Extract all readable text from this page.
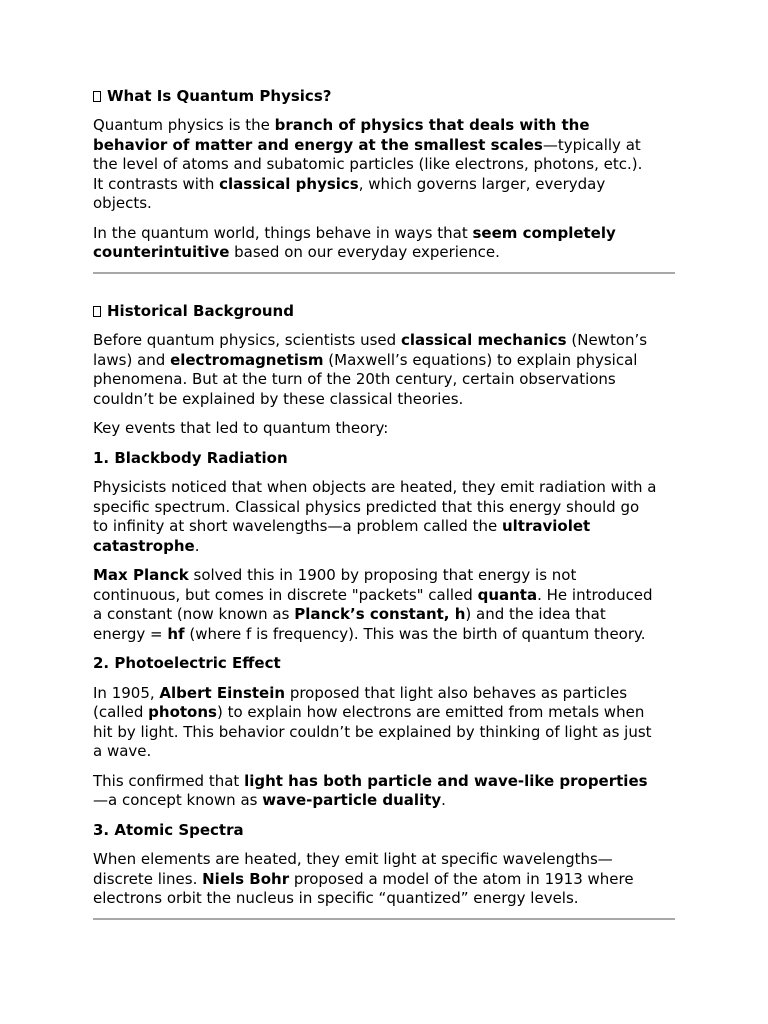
What Is Quantum Physics?
Quantum physics is the branch of physics that deals with the
behavior of matter and energy at the smallest scales—typically at
the level of atoms and subatomic particles (like electrons, photons, etc.).
It contrasts with classical physics, which governs larger, everyday
objects.
In the quantum world, things behave in ways that seem completely
counterintuitive based on our everyday experience.
Historical Background
Before quantum physics, scientists used classical mechanics (Newton’s
laws) and electromagnetism (Maxwell’s equations) to explain physical
phenomena. But at the turn of the 20th century, certain observations
couldn’t be explained by these classical theories.
Key events that led to quantum theory:
1. Blackbody Radiation
Physicists noticed that when objects are heated, they emit radiation with a
specific spectrum. Classical physics predicted that this energy should go
to infinity at short wavelengths—a problem called the ultraviolet
catastrophe.
Max Planck solved this in 1900 by proposing that energy is not
continuous, but comes in discrete "packets" called quanta. He introduced
a constant (now known as Planck’s constant, h) and the idea that
energy = hf (where f is frequency). This was the birth of quantum theory.
2. Photoelectric Effect
In 1905, Albert Einstein proposed that light also behaves as particles
(called photons) to explain how electrons are emitted from metals when
hit by light. This behavior couldn’t be explained by thinking of light as just
a wave.
This confirmed that light has both particle and wave-like properties
—a concept known as wave-particle duality.
3. Atomic Spectra
When elements are heated, they emit light at specific wavelengths—
discrete lines. Niels Bohr proposed a model of the atom in 1913 where
electrons orbit the nucleus in specific “quantized” energy levels.
